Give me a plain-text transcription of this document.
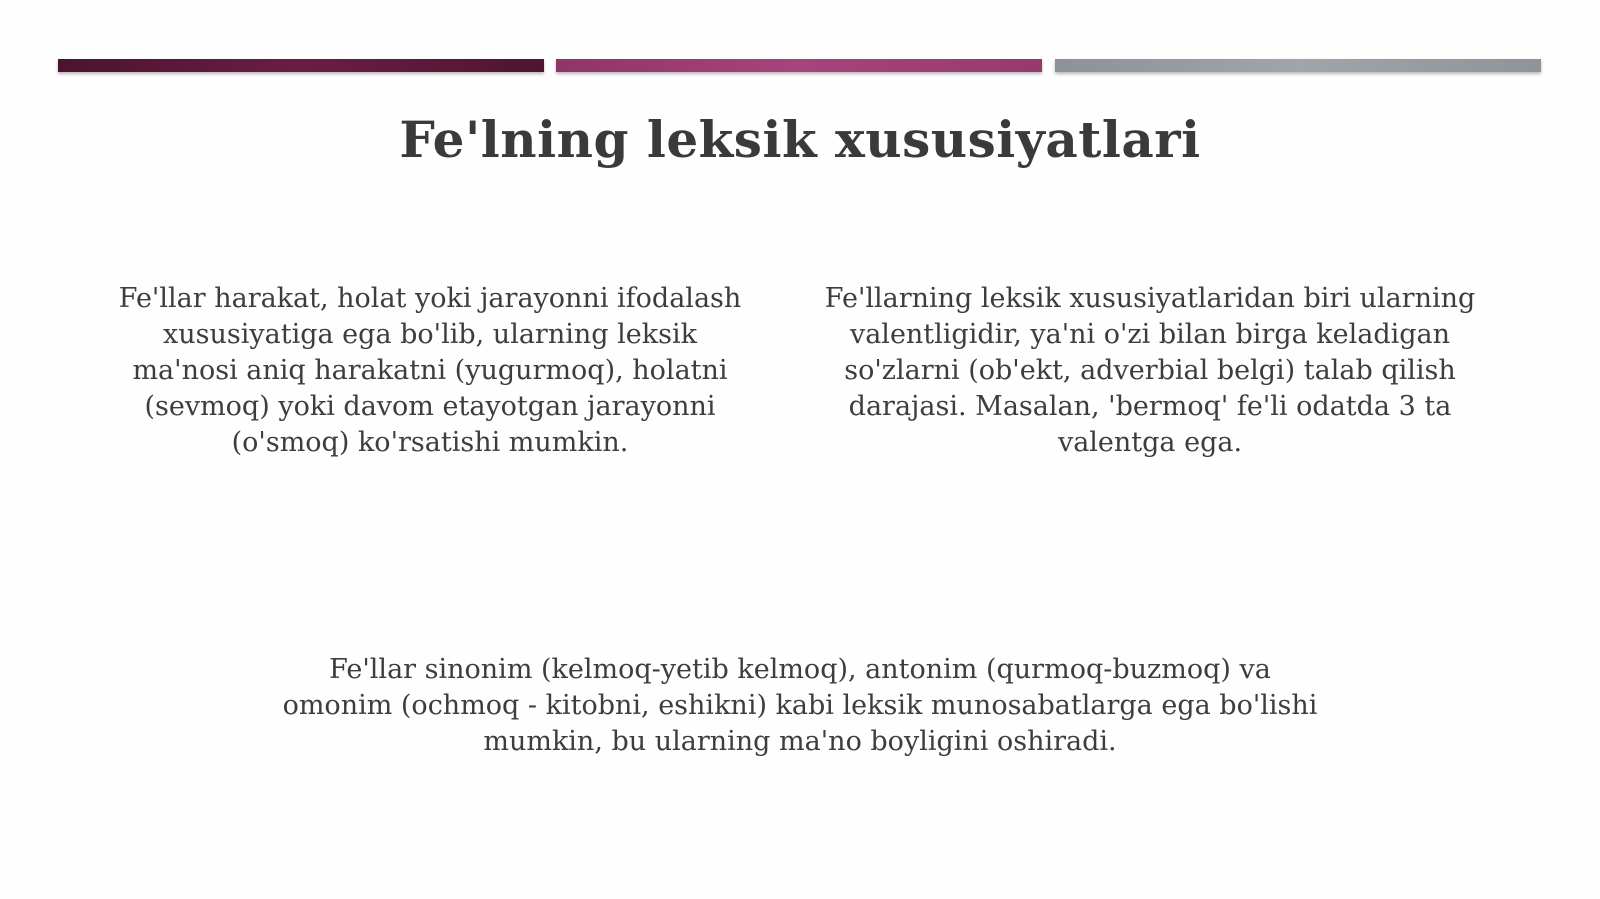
Fe'lning leksik xususiyatlari

Fe'llar harakat, holat yoki jarayonni ifodalash xususiyatiga ega bo'lib, ularning leksik ma'nosi aniq harakatni (yugurmoq), holatni (sevmoq) yoki davom etayotgan jarayonni (o'smoq) ko'rsatishi mumkin.

Fe'llarning leksik xususiyatlaridan biri ularning valentligidir, ya'ni o'zi bilan birga keladigan so'zlarni (ob'ekt, adverbial belgi) talab qilish darajasi. Masalan, 'bermoq' fe'li odatda 3 ta valentga ega.

Fe'llar sinonim (kelmoq-yetib kelmoq), antonim (qurmoq-buzmoq) va omonim (ochmoq - kitobni, eshikni) kabi leksik munosabatlarga ega bo'lishi mumkin, bu ularning ma'no boyligini oshiradi.
